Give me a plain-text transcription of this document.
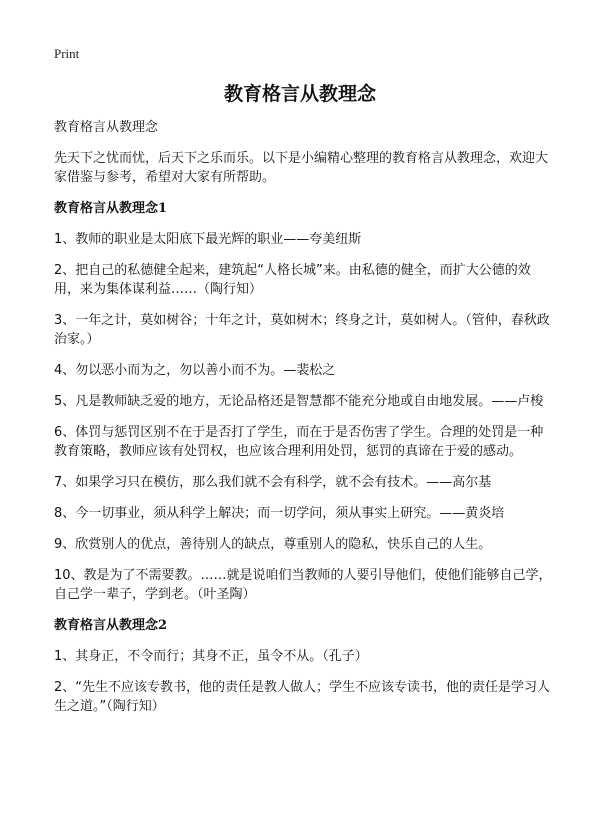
Print
教育格言从教理念

教育格言从教理念

先天下之忧而忧，后天下之乐而乐。以下是小编精心整理的教育格言从教理念，欢迎大家借鉴与参考，希望对大家有所帮助。

教育格言从教理念1

1、教师的职业是太阳底下最光辉的职业——夸美纽斯

2、把自己的私德健全起来，建筑起“人格长城”来。由私德的健全，而扩大公德的效用，来为集体谋利益……（陶行知）

3、一年之计，莫如树谷；十年之计，莫如树木；终身之计，莫如树人。（管仲，春秋政治家。）

4、勿以恶小而为之，勿以善小而不为。—裴松之

5、凡是教师缺乏爱的地方，无论品格还是智慧都不能充分地或自由地发展。——卢梭

6、体罚与惩罚区别不在于是否打了学生，而在于是否伤害了学生。合理的处罚是一种教育策略，教师应该有处罚权，也应该合理利用处罚，惩罚的真谛在于爱的感动。

7、如果学习只在模仿，那么我们就不会有科学，就不会有技术。——高尔基

8、今一切事业，须从科学上解决；而一切学问，须从事实上研究。——黄炎培

9、欣赏别人的优点，善待别人的缺点，尊重别人的隐私，快乐自己的人生。

10、教是为了不需要教。……就是说咱们当教师的人要引导他们，使他们能够自己学，自己学一辈子，学到老。（叶圣陶）

教育格言从教理念2

1、其身正，不令而行；其身不正，虽令不从。（孔子）

2、“先生不应该专教书，他的责任是教人做人；学生不应该专读书，他的责任是学习人生之道。”（陶行知）
